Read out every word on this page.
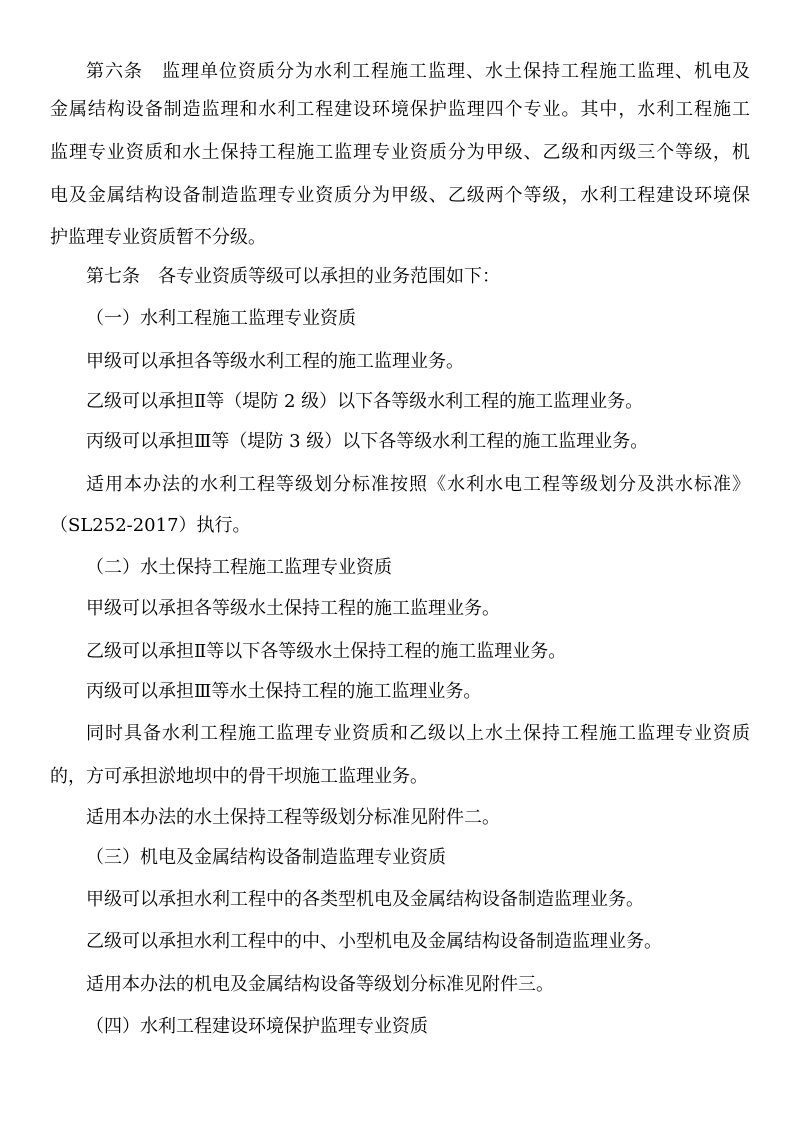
第六条　监理单位资质分为水利工程施工监理、水土保持工程施工监理、机电及
金属结构设备制造监理和水利工程建设环境保护监理四个专业。其中，水利工程施工
监理专业资质和水土保持工程施工监理专业资质分为甲级、乙级和丙级三个等级，机
电及金属结构设备制造监理专业资质分为甲级、乙级两个等级，水利工程建设环境保
护监理专业资质暂不分级。
第七条　各专业资质等级可以承担的业务范围如下：
（一）水利工程施工监理专业资质
甲级可以承担各等级水利工程的施工监理业务。
乙级可以承担Ⅱ等（堤防 2 级）以下各等级水利工程的施工监理业务。
丙级可以承担Ⅲ等（堤防 3 级）以下各等级水利工程的施工监理业务。
适用本办法的水利工程等级划分标准按照《水利水电工程等级划分及洪水标准》
（SL252-2017）执行。
（二）水土保持工程施工监理专业资质
甲级可以承担各等级水土保持工程的施工监理业务。
乙级可以承担Ⅱ等以下各等级水土保持工程的施工监理业务。
丙级可以承担Ⅲ等水土保持工程的施工监理业务。
同时具备水利工程施工监理专业资质和乙级以上水土保持工程施工监理专业资质
的，方可承担淤地坝中的骨干坝施工监理业务。
适用本办法的水土保持工程等级划分标准见附件二。
（三）机电及金属结构设备制造监理专业资质
甲级可以承担水利工程中的各类型机电及金属结构设备制造监理业务。
乙级可以承担水利工程中的中、小型机电及金属结构设备制造监理业务。
适用本办法的机电及金属结构设备等级划分标准见附件三。
（四）水利工程建设环境保护监理专业资质
